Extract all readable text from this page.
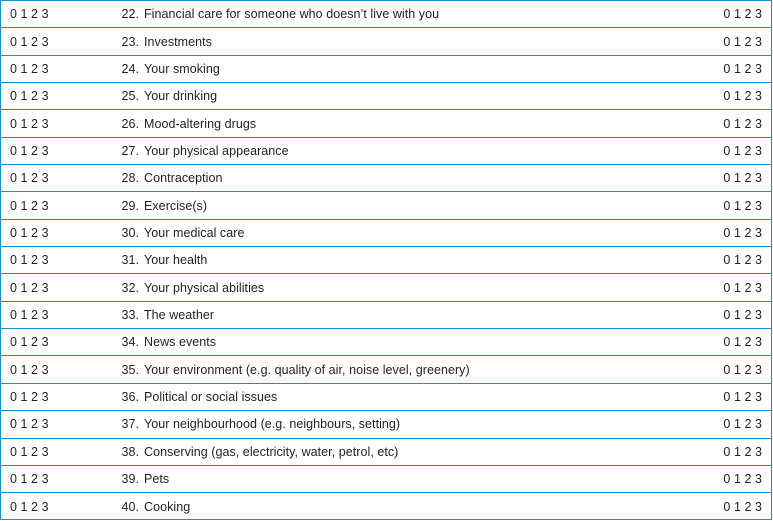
0 1 2 3	22. Financial care for someone who doesn’t live with you	0 1 2 3
0 1 2 3	23. Investments	0 1 2 3
0 1 2 3	24. Your smoking	0 1 2 3
0 1 2 3	25. Your drinking	0 1 2 3
0 1 2 3	26. Mood-altering drugs	0 1 2 3
0 1 2 3	27. Your physical appearance	0 1 2 3
0 1 2 3	28. Contraception	0 1 2 3
0 1 2 3	29. Exercise(s)	0 1 2 3
0 1 2 3	30. Your medical care	0 1 2 3
0 1 2 3	31. Your health	0 1 2 3
0 1 2 3	32. Your physical abilities	0 1 2 3
0 1 2 3	33. The weather	0 1 2 3
0 1 2 3	34. News events	0 1 2 3
0 1 2 3	35. Your environment (e.g. quality of air, noise level, greenery)	0 1 2 3
0 1 2 3	36. Political or social issues	0 1 2 3
0 1 2 3	37. Your neighbourhood (e.g. neighbours, setting)	0 1 2 3
0 1 2 3	38. Conserving (gas, electricity, water, petrol, etc)	0 1 2 3
0 1 2 3	39. Pets	0 1 2 3
0 1 2 3	40. Cooking	0 1 2 3
